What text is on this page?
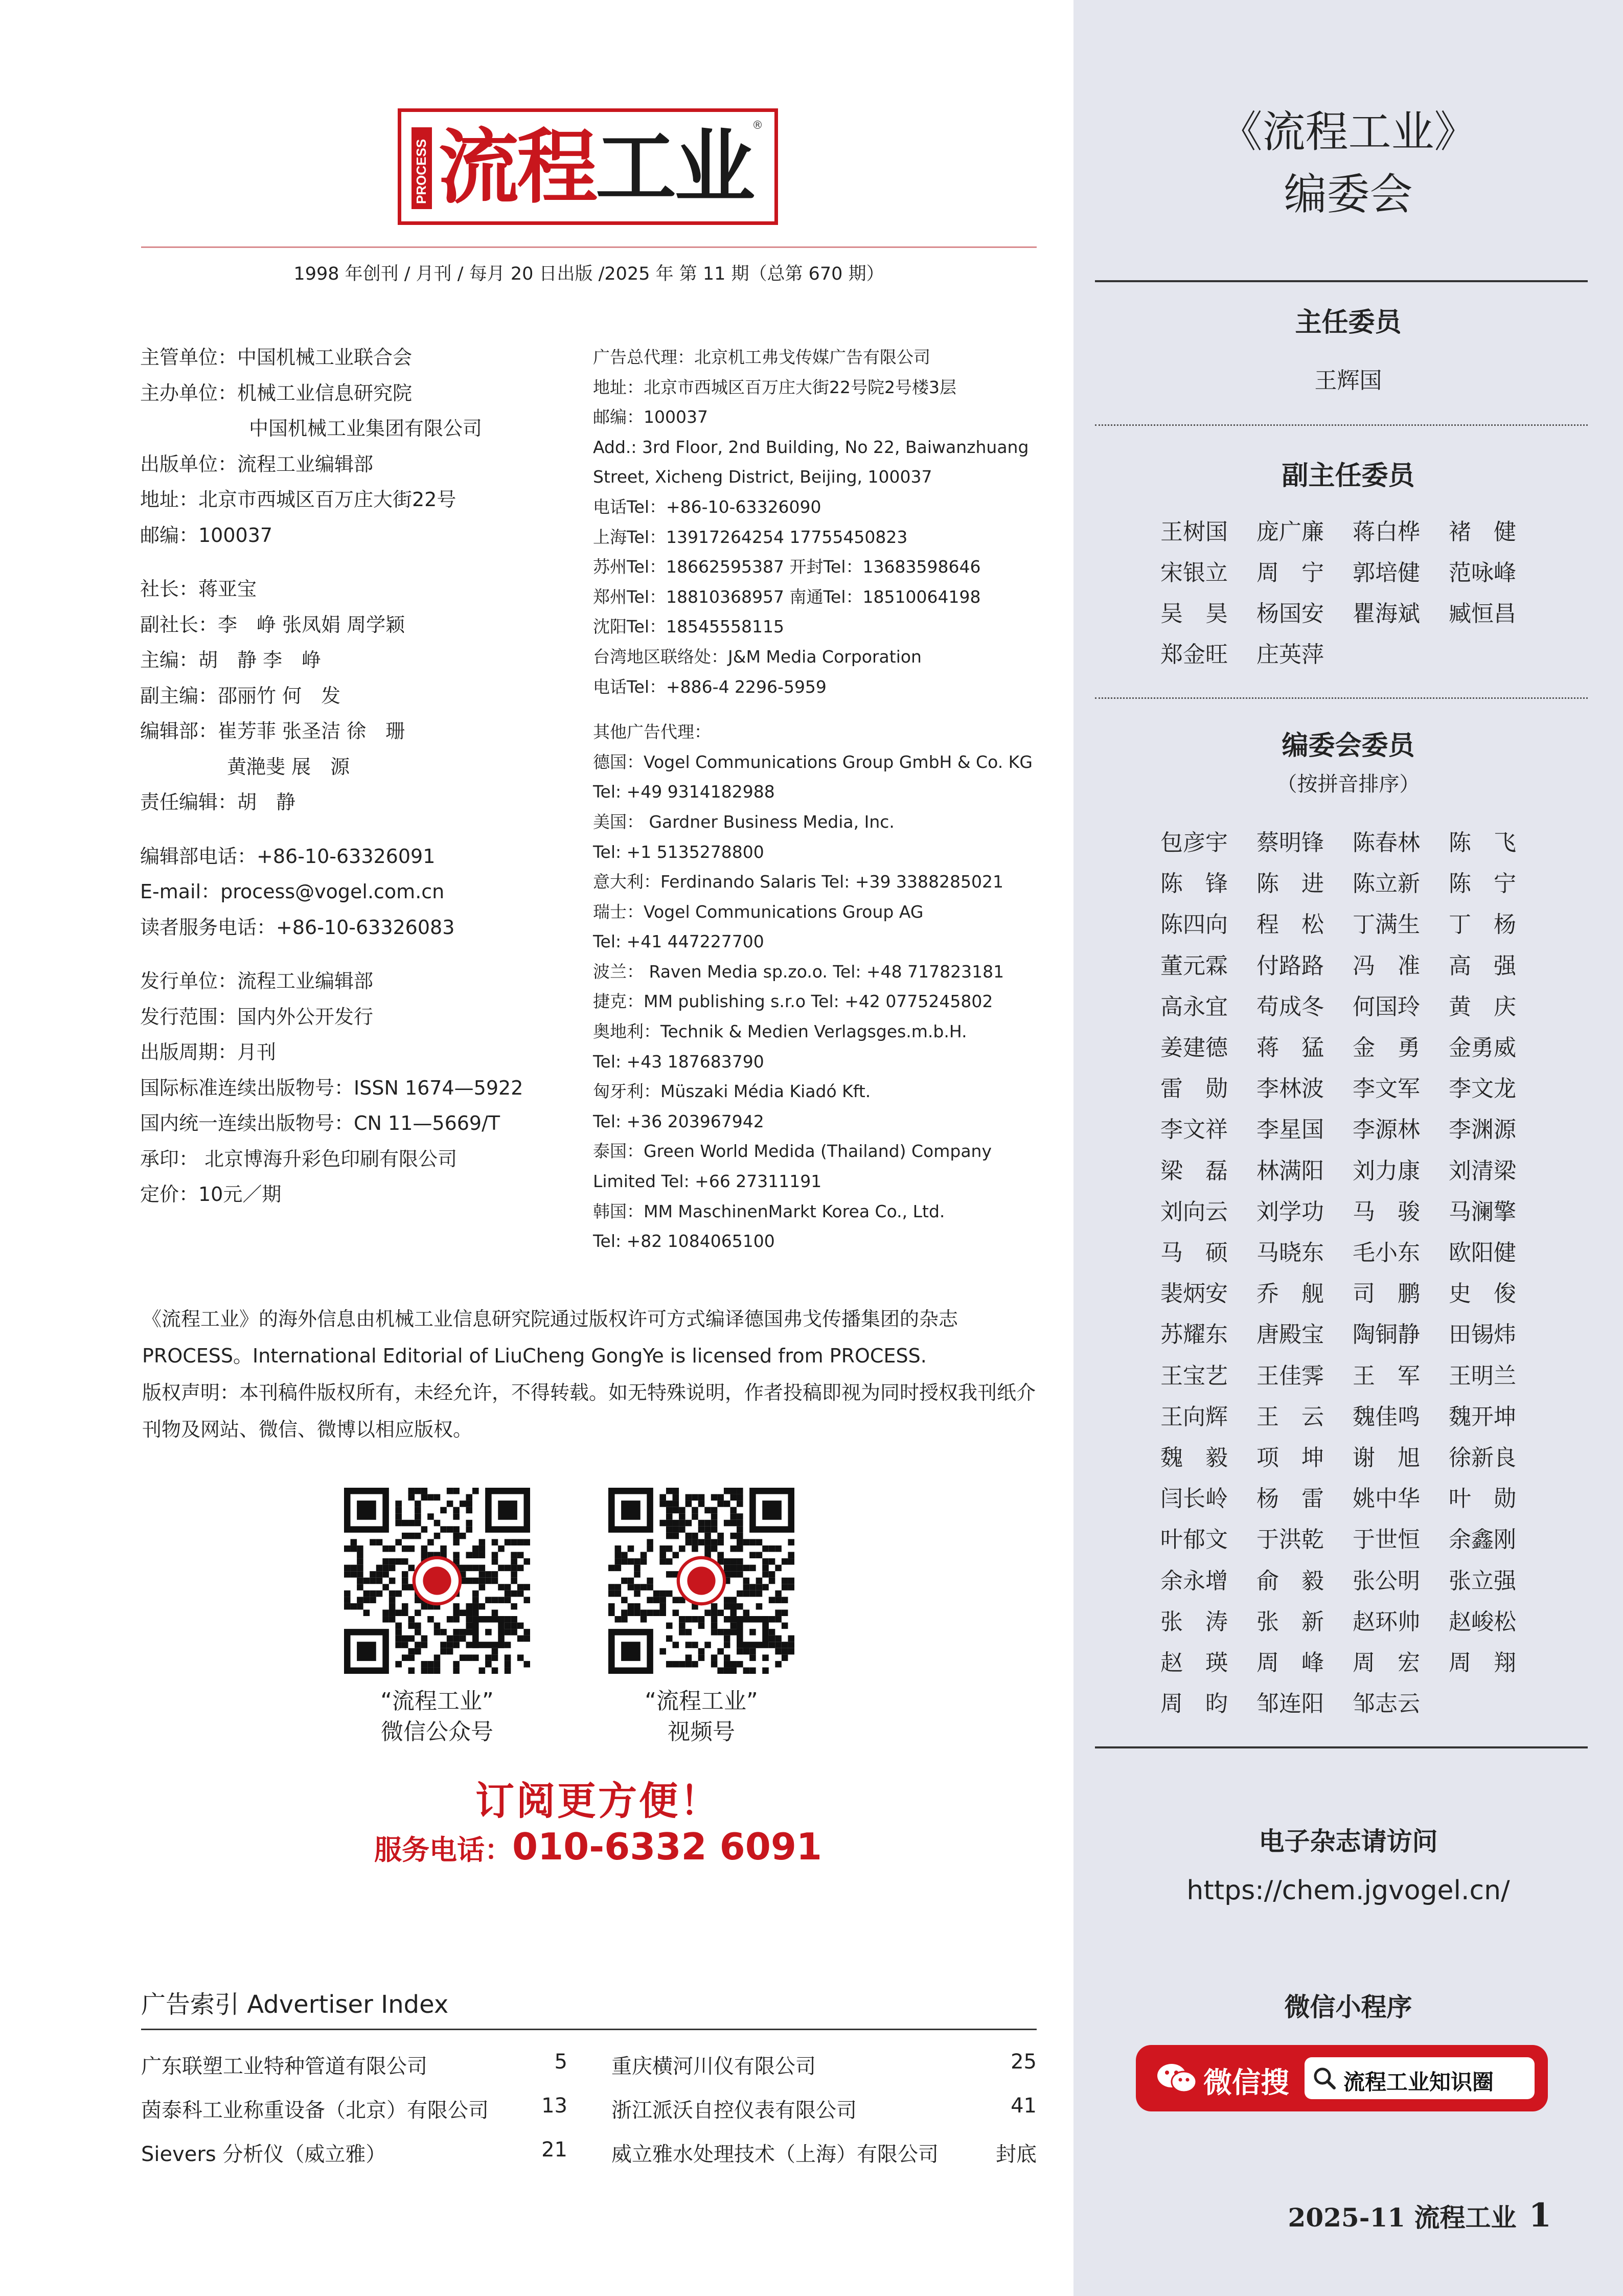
PROCESS 流程工业
®
1998 年创刊 / 月刊 / 每月 20 日出版 /2025 年 第 11 期（总第 670 期）
主管单位：中国机械工业联合会
主办单位：机械工业信息研究院
中国机械工业集团有限公司
出版单位：流程工业编辑部
地址：北京市西城区百万庄大街22号
邮编：100037
社长：蒋亚宝
副社长：李　峥 张凤娟 周学颖
主编：胡　静 李　峥
副主编：邵丽竹 何　发
编辑部：崔芳菲 张圣洁 徐　珊
黄滟斐 展　源
责任编辑：胡　静
编辑部电话：+86-10-63326091
E-mail：process@vogel.com.cn
读者服务电话：+86-10-63326083
发行单位：流程工业编辑部
发行范围：国内外公开发行
出版周期：月刊
国际标准连续出版物号：ISSN 1674—5922
国内统一连续出版物号：CN 11—5669/T
承印： 北京博海升彩色印刷有限公司
定价：10元／期
广告总代理：北京机工弗戈传媒广告有限公司
地址：北京市西城区百万庄大街22号院2号楼3层
邮编：100037
Add.: 3rd Floor, 2nd Building, No 22, Baiwanzhuang
Street, Xicheng District, Beijing, 100037
电话Tel：+86-10-63326090
上海Tel：13917264254 17755450823
苏州Tel：18662595387 开封Tel：13683598646
郑州Tel：18810368957 南通Tel：18510064198
沈阳Tel：18545558115
台湾地区联络处：J&M Media Corporation
电话Tel：+886-4 2296-5959
其他广告代理：
德国：Vogel Communications Group GmbH & Co. KG
Tel: +49 9314182988
美国： Gardner Business Media, Inc.
Tel: +1 5135278800
意大利：Ferdinando Salaris Tel: +39 3388285021
瑞士：Vogel Communications Group AG
Tel: +41 447227700
波兰： Raven Media sp.zo.o. Tel: +48 717823181
捷克：MM publishing s.r.o Tel: +42 0775245802
奥地利：Technik & Medien Verlagsges.m.b.H.
Tel: +43 187683790
匈牙利：Müszaki Média Kiadó Kft.
Tel: +36 203967942
泰国：Green World Medida (Thailand) Company
Limited Tel: +66 27311191
韩国：MM MaschinenMarkt Korea Co., Ltd.
Tel: +82 1084065100
《流程工业》的海外信息由机械工业信息研究院通过版权许可方式编译德国弗戈传播集团的杂志 PROCESS。International Editorial of LiuCheng GongYe is licensed from PROCESS.
版权声明：本刊稿件版权所有，未经允许，不得转载。如无特殊说明，作者投稿即视为同时授权我刊纸介刊物及网站、微信、微博以相应版权。
“流程工业”
微信公众号
“流程工业”
视频号
订阅更方便！
服务电话：010-6332 6091
广告索引 Advertiser Index
广东联塑工业特种管道有限公司	5
茵泰科工业称重设备（北京）有限公司	13
Sievers 分析仪（威立雅）	21
重庆横河川仪有限公司	25
浙江派沃自控仪表有限公司	41
威立雅水处理技术（上海）有限公司	封底
《流程工业》
编委会
主任委员
王辉国
副主任委员
王树国 庞广廉 蒋白桦 褚　健
宋银立 周　宁 郭培健 范咏峰
吴　昊 杨国安 瞿海斌 臧恒昌
郑金旺 庄英萍
编委会委员
（按拼音排序）
包彦宇 蔡明锋 陈春林 陈　飞
陈　锋 陈　进 陈立新 陈　宁
陈四向 程　松 丁满生 丁　杨
董元霖 付路路 冯　准 高　强
高永宜 苟成冬 何国玲 黄　庆
姜建德 蒋　猛 金　勇 金勇威
雷　勋 李林波 李文军 李文龙
李文祥 李星国 李源林 李渊源
梁　磊 林满阳 刘力康 刘清梁
刘向云 刘学功 马　骏 马澜擎
马　硕 马晓东 毛小东 欧阳健
裴炳安 乔　舰 司　鹏 史　俊
苏耀东 唐殿宝 陶铜静 田锡炜
王宝艺 王佳霁 王　军 王明兰
王向辉 王　云 魏佳鸣 魏开坤
魏　毅 项　坤 谢　旭 徐新良
闫长岭 杨　雷 姚中华 叶　勋
叶郁文 于洪乾 于世恒 余鑫刚
余永增 俞　毅 张公明 张立强
张　涛 张　新 赵环帅 赵峻松
赵　瑛 周　峰 周　宏 周　翔
周　昀 邹连阳 邹志云
电子杂志请访问
https://chem.jgvogel.cn/
微信小程序
微信搜	流程工业知识圈
2025-11 流程工业 1
